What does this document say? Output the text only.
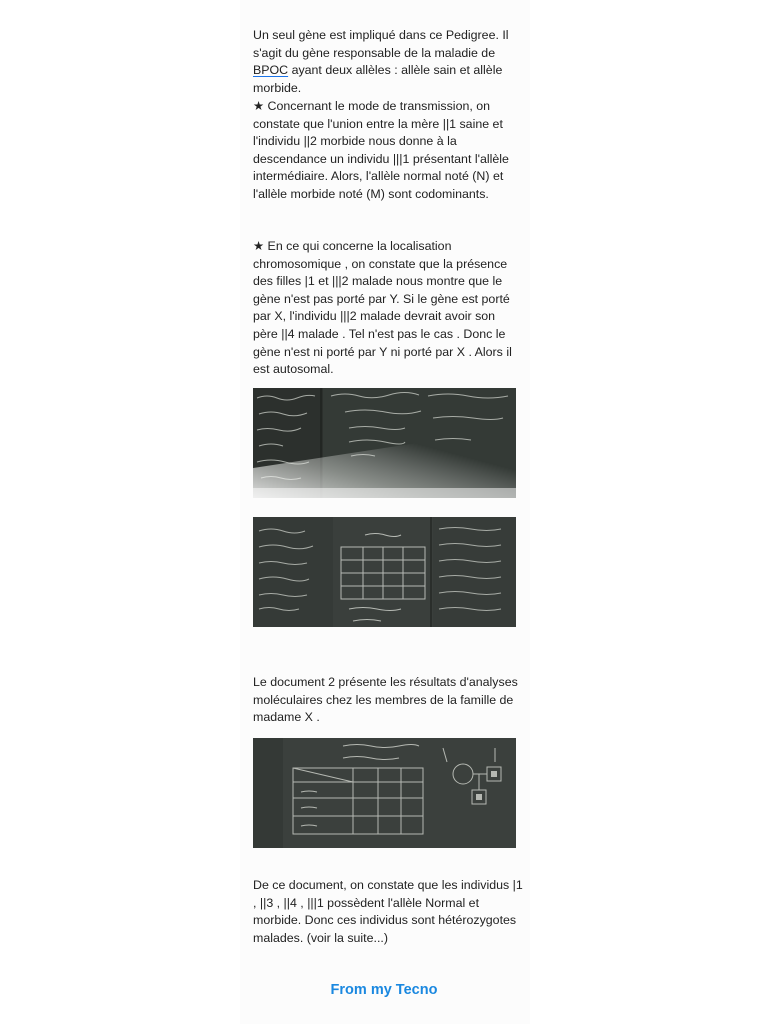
Un seul gène est impliqué dans ce Pedigree. Il s'agit du gène responsable de la maladie de BPOC ayant deux allèles : allèle sain et allèle morbide.

★ Concernant le mode de transmission, on constate que l'union entre la mère ||1 saine et l'individu ||2 morbide nous donne à la descendance un individu |||1 présentant l'allèle intermédiaire. Alors, l'allèle normal noté (N) et l'allèle morbide noté (M) sont codominants.

★ En ce qui concerne la localisation chromosomique , on constate que la présence des filles |1 et |||2 malade nous montre que le gène n'est pas porté par Y. Si le gène est porté par X, l'individu |||2 malade devrait avoir son père ||4 malade . Tel n'est pas le cas . Donc le gène n'est ni porté par Y ni porté par X . Alors il est autosomal.

Le document 2 présente les résultats d'analyses moléculaires chez les membres de la famille de madame X .

De ce document, on constate que les individus |1 , ||3 , ||4 , |||1 possèdent l'allèle Normal et morbide. Donc ces individus sont hétérozygotes malades. (voir la suite...)

From my Tecno
